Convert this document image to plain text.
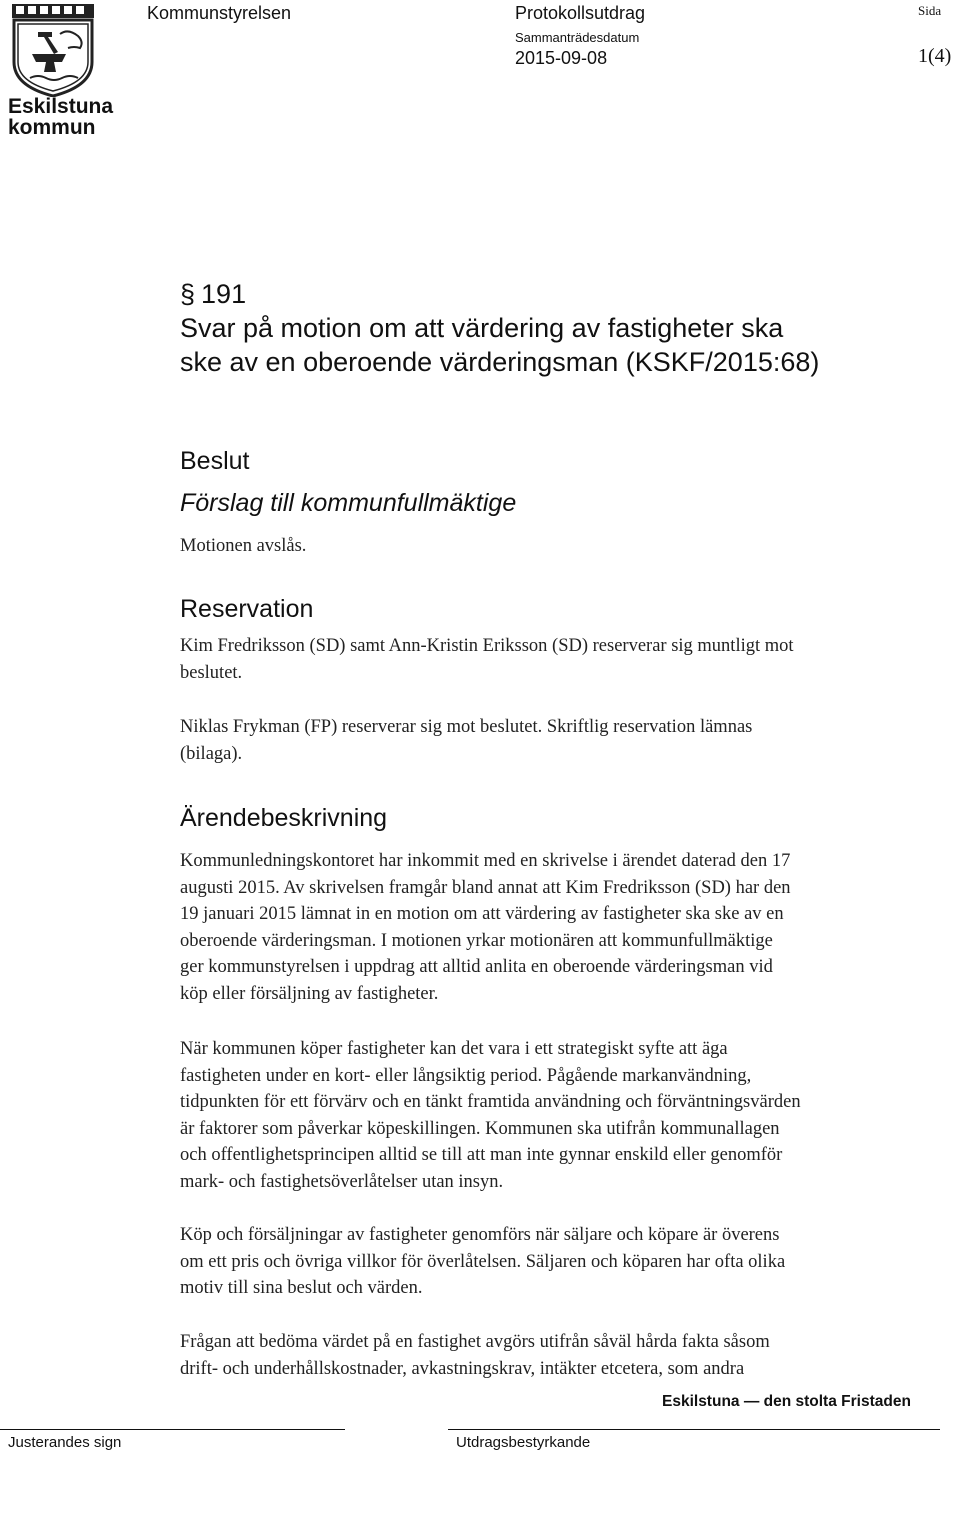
Eskilstuna
kommun
Kommunstyrelsen	Protokollsutdrag
Sammanträdesdatum
2015-09-08
Sida
1(4)
§ 191
Svar på motion om att värdering av fastigheter ska
ske av en oberoende värderingsman (KSKF/2015:68)
Beslut
Förslag till kommunfullmäktige
Motionen avslås.
Reservation
Kim Fredriksson (SD) samt Ann-Kristin Eriksson (SD) reserverar sig muntligt mot
beslutet.
Niklas Frykman (FP) reserverar sig mot beslutet. Skriftlig reservation lämnas
(bilaga).
Ärendebeskrivning
Kommunledningskontoret har inkommit med en skrivelse i ärendet daterad den 17
augusti 2015. Av skrivelsen framgår bland annat att Kim Fredriksson (SD) har den
19 januari 2015 lämnat in en motion om att värdering av fastigheter ska ske av en
oberoende värderingsman. I motionen yrkar motionären att kommunfullmäktige
ger kommunstyrelsen i uppdrag att alltid anlita en oberoende värderingsman vid
köp eller försäljning av fastigheter.
När kommunen köper fastigheter kan det vara i ett strategiskt syfte att äga
fastigheten under en kort- eller långsiktig period. Pågående markanvändning,
tidpunkten för ett förvärv och en tänkt framtida användning och förväntningsvärden
är faktorer som påverkar köpeskillingen. Kommunen ska utifrån kommunallagen
och offentlighetsprincipen alltid se till att man inte gynnar enskild eller genomför
mark- och fastighetsöverlåtelser utan insyn.
Köp och försäljningar av fastigheter genomförs när säljare och köpare är överens
om ett pris och övriga villkor för överlåtelsen. Säljaren och köparen har ofta olika
motiv till sina beslut och värden.
Frågan att bedöma värdet på en fastighet avgörs utifrån såväl hårda fakta såsom
drift- och underhållskostnader, avkastningskrav, intäkter etcetera, som andra
Eskilstuna — den stolta Fristaden
Justerandes sign	Utdragsbestyrkande
